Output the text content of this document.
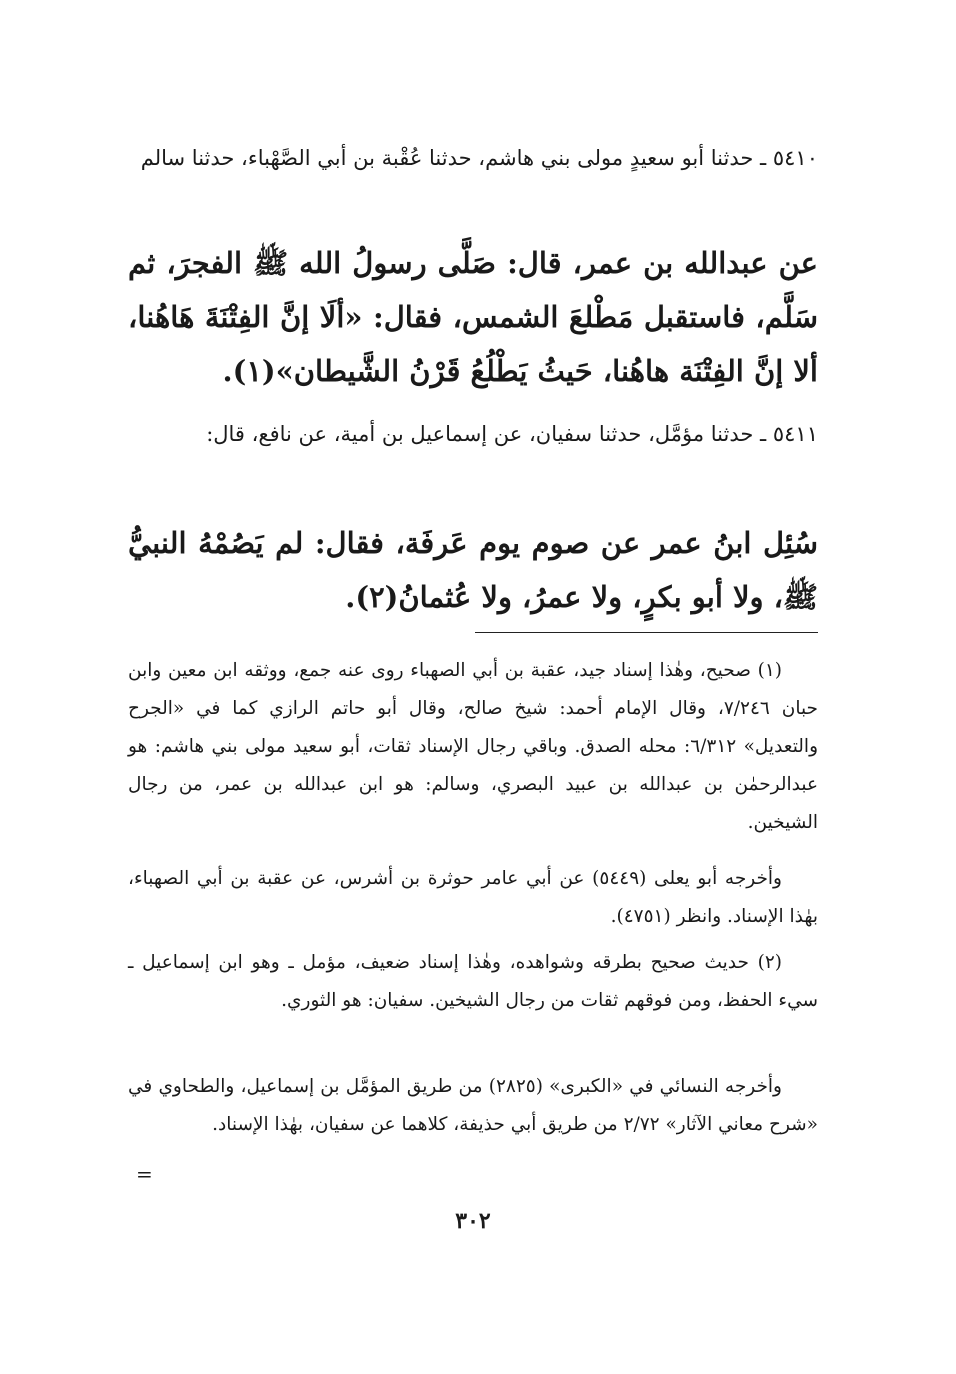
٥٤١٠ ـ حدثنا أبو سعيدٍ مولى بني هاشم، حدثنا عُقْبة بن أبي الصَّهْباء، حدثنا سالم

عن عبدالله بن عمر، قال: صَلَّى رسولُ الله ﷺ الفجرَ، ثم سَلَّم، فاستقبل مَطْلعَ الشمس، فقال: «ألَا إنَّ الفِتْنَةَ هَاهُنا، ألا إنَّ الفِتْنَة هاهُنا، حَيثُ يَطْلُعُ قَرْنُ الشَّيطان»(١).

٥٤١١ ـ حدثنا مؤمَّل، حدثنا سفيان، عن إسماعيل بن أمية، عن نافع، قال:

سُئِل ابنُ عمر عن صوم يوم عَرفَة، فقال: لم يَصُمْهُ النبيُّ ﷺ، ولا أبو بكرٍ، ولا عمرُ، ولا عُثمانُ(٢).

(١) صحيح، وهٰذا إسناد جيد، عقبة بن أبي الصهباء روى عنه جمع، ووثقه ابن معين وابن حبان ٧/٢٤٦، وقال الإمام أحمد: شيخ صالح، وقال أبو حاتم الرازي كما في «الجرح والتعديل» ٦/٣١٢: محله الصدق. وباقي رجال الإسناد ثقات، أبو سعيد مولى بني هاشم: هو عبدالرحمٰن بن عبدالله بن عبيد البصري، وسالم: هو ابن عبدالله بن عمر، من رجال الشيخين.

وأخرجه أبو يعلى (٥٤٤٩) عن أبي عامر حوثرة بن أشرس، عن عقبة بن أبي الصهباء، بهٰذا الإسناد. وانظر (٤٧٥١).

(٢) حديث صحيح بطرقه وشواهده، وهٰذا إسناد ضعيف، مؤمل ـ وهو ابن إسماعيل ـ سيء الحفظ، ومن فوقهم ثقات من رجال الشيخين. سفيان: هو الثوري.

وأخرجه النسائي في «الكبرى» (٢٨٢٥) من طريق المؤمَّل بن إسماعيل، والطحاوي في «شرح معاني الآثار» ٢/٧٢ من طريق أبي حذيفة، كلاهما عن سفيان، بهٰذا الإسناد.

=
٣٠٢
